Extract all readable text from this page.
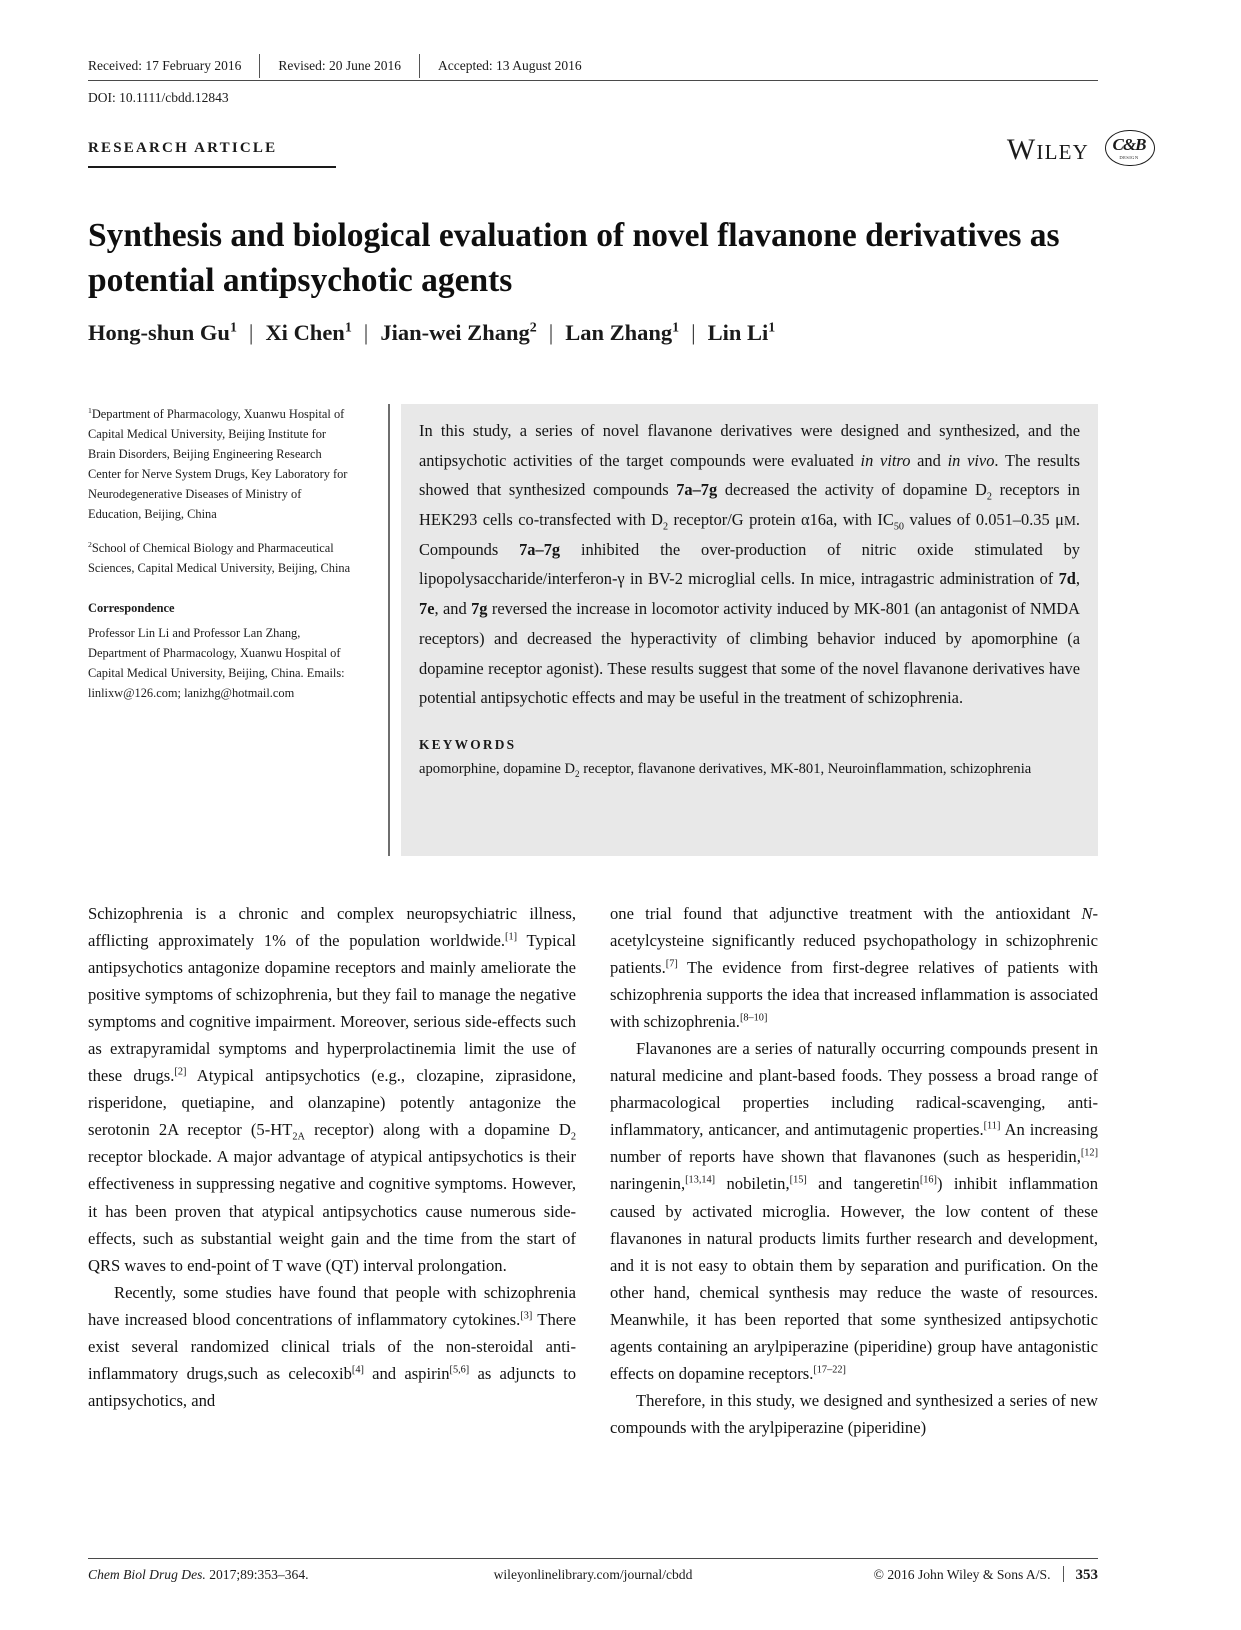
Received: 17 February 2016	Revised: 20 June 2016	Accepted: 13 August 2016
DOI: 10.1111/cbdd.12843
RESEARCH ARTICLE	Wiley	C&B
DESIGN
Synthesis and biological evaluation of novel flavanone derivatives as potential antipsychotic agents
Hong-shun Gu$^1$ | Xi Chen$^1$ | Jian-wei Zhang$^2$ | Lan Zhang$^1$ | Lin Li$^1$

$^1$Department of Pharmacology, Xuanwu Hospital of Capital Medical University, Beijing Institute for Brain Disorders, Beijing Engineering Research Center for Nerve System Drugs, Key Laboratory for Neurodegenerative Diseases of Ministry of Education, Beijing, China

$^2$School of Chemical Biology and Pharmaceutical Sciences, Capital Medical University, Beijing, China

Correspondence

Professor Lin Li and Professor Lan Zhang, Department of Pharmacology, Xuanwu Hospital of Capital Medical University, Beijing, China. Emails: linlixw@126.com; lanizhg@hotmail.com

In this study, a series of novel flavanone derivatives were designed and synthesized, and the antipsychotic activities of the target compounds were evaluated in vitro and in vivo. The results showed that synthesized compounds 7a–7g decreased the activity of dopamine $D_2$ receptors in HEK293 cells co-transfected with $D_2$ receptor/G protein α16a, with $IC_{50}$ values of 0.051–0.35 μM. Compounds 7a–7g inhibited the over-production of nitric oxide stimulated by lipopolysaccharide/interferon-γ in BV-2 microglial cells. In mice, intragastric administration of 7d, 7e, and 7g reversed the increase in locomotor activity induced by MK-801 (an antagonist of NMDA receptors) and decreased the hyperactivity of climbing behavior induced by apomorphine (a dopamine receptor agonist). These results suggest that some of the novel flavanone derivatives have potential antipsychotic effects and may be useful in the treatment of schizophrenia.

KEYWORDS
apomorphine, dopamine $D_2$ receptor, flavanone derivatives, MK-801, Neuroinflammation, schizophrenia

Schizophrenia is a chronic and complex neuropsychiatric illness, afflicting approximately 1% of the population worldwide.[1] Typical antipsychotics antagonize dopamine receptors and mainly ameliorate the positive symptoms of schizophrenia, but they fail to manage the negative symptoms and cognitive impairment. Moreover, serious side-effects such as extrapyramidal symptoms and hyperprolactinemia limit the use of these drugs.[2] Atypical antipsychotics (e.g., clozapine, ziprasidone, risperidone, quetiapine, and olanzapine) potently antagonize the serotonin 2A receptor ($5-HT_{2A}$ receptor) along with a dopamine $D_2$ receptor blockade. A major advantage of atypical antipsychotics is their effectiveness in suppressing negative and cognitive symptoms. However, it has been proven that atypical antipsychotics cause numerous side-effects, such as substantial weight gain and the time from the start of QRS waves to end-point of T wave (QT) interval prolongation.

Recently, some studies have found that people with schizophrenia have increased blood concentrations of inflammatory cytokines.[3] There exist several randomized clinical trials of the non-steroidal anti-inflammatory drugs,such as celecoxib[4] and aspirin[5,6] as adjuncts to antipsychotics, and

one trial found that adjunctive treatment with the antioxidant N-acetylcysteine significantly reduced psychopathology in schizophrenic patients.[7] The evidence from first-degree relatives of patients with schizophrenia supports the idea that increased inflammation is associated with schizophrenia.[8–10]

Flavanones are a series of naturally occurring compounds present in natural medicine and plant-based foods. They possess a broad range of pharmacological properties including radical-scavenging, anti-inflammatory, anticancer, and antimutagenic properties.[11] An increasing number of reports have shown that flavanones (such as hesperidin,[12] naringenin,[13,14] nobiletin,[15] and tangeretin[16]) inhibit inflammation caused by activated microglia. However, the low content of these flavanones in natural products limits further research and development, and it is not easy to obtain them by separation and purification. On the other hand, chemical synthesis may reduce the waste of resources. Meanwhile, it has been reported that some synthesized antipsychotic agents containing an arylpiperazine (piperidine) group have antagonistic effects on dopamine receptors.[17–22]

Therefore, in this study, we designed and synthesized a series of new compounds with the arylpiperazine (piperidine)

Chem Biol Drug Des. 2017;89:353–364.	wileyonlinelibrary.com/journal/cbdd	© 2016 John Wiley & Sons A/S. 353
